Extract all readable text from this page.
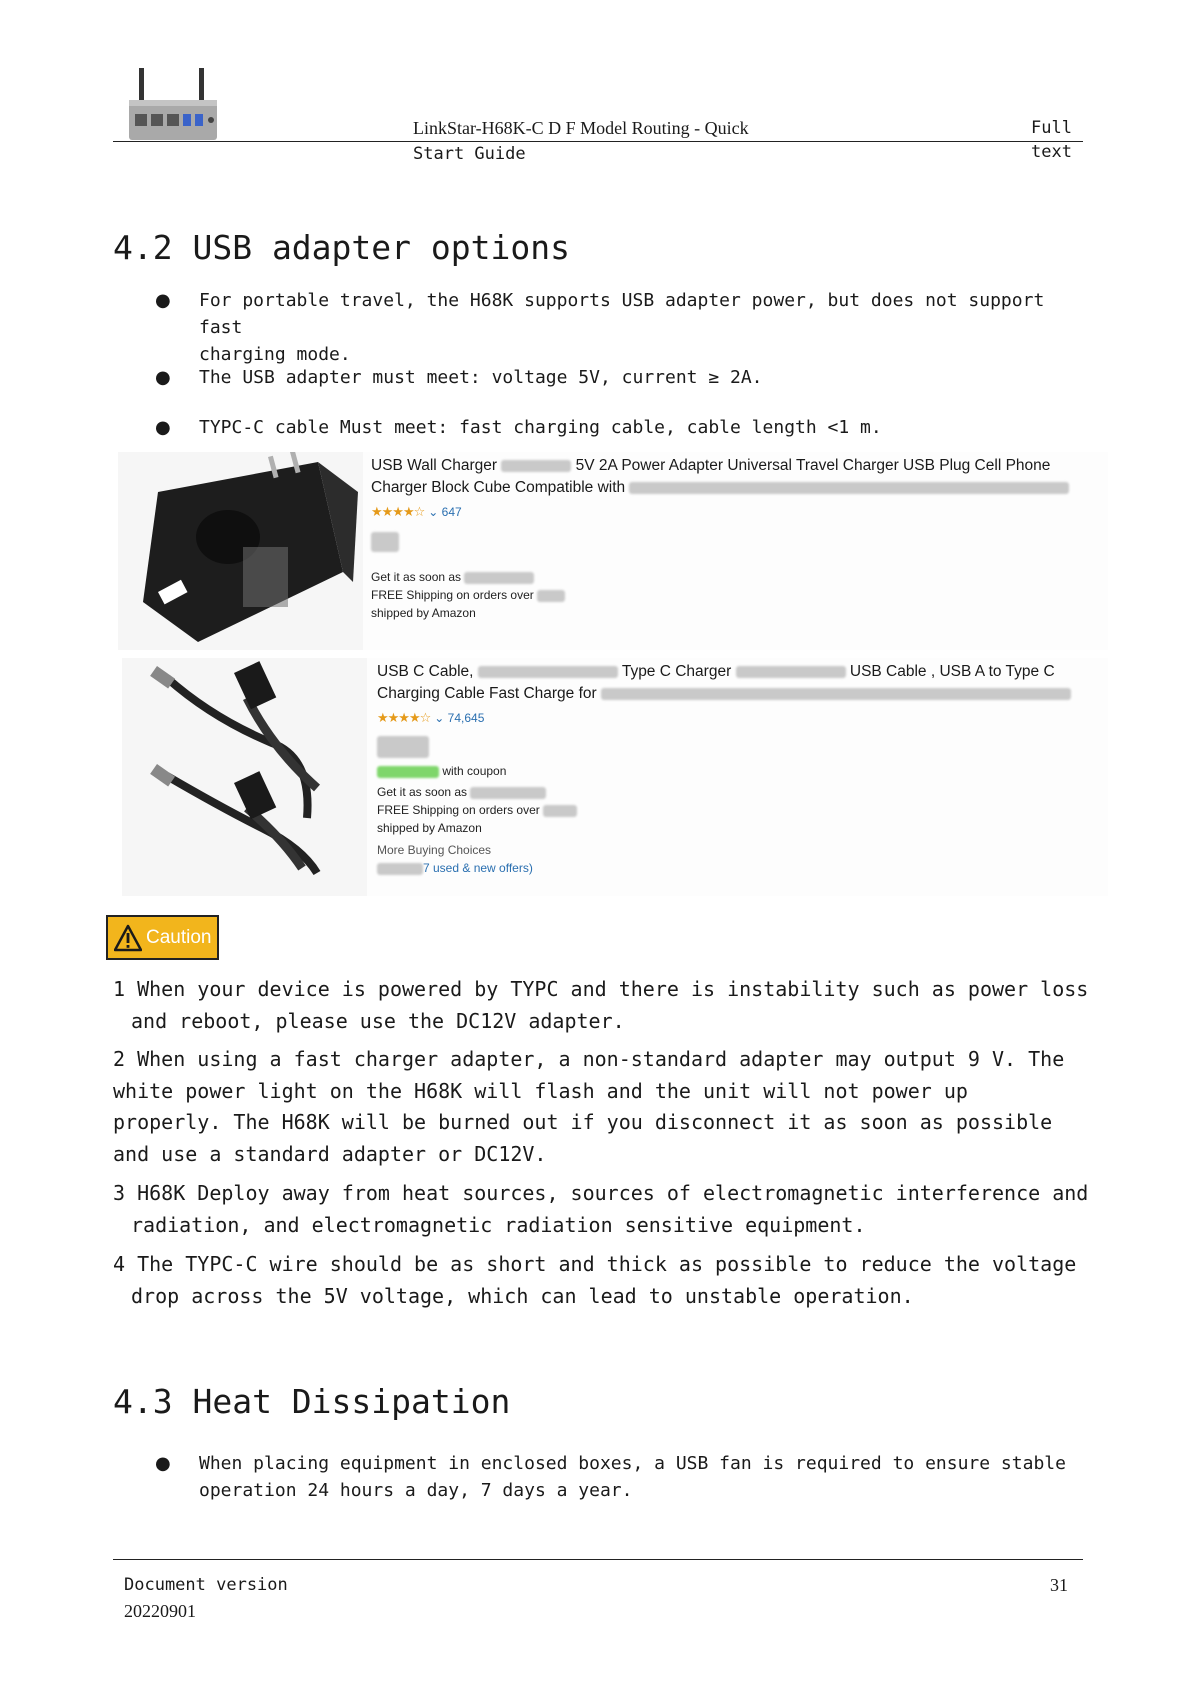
LinkStar-H68K-C D F Model Routing - Quick
Start Guide
Full
text
4.2 USB adapter options
● For portable travel, the H68K supports USB adapter power, but does not support fast
charging mode.
● The USB adapter must meet: voltage 5V, current ≥ 2A.
● TYPC-C cable Must meet: fast charging cable, cable length <1 m.
USB Wall Charger	5V 2A Power Adapter Universal Travel Charger USB Plug Cell Phone
Charger Block Cube Compatible with
★★★★☆ ⌄ 647
Get it as soon as
FREE Shipping on orders over
shipped by Amazon
USB C Cable,	Type C Charger	USB Cable , USB A to Type C
Charging Cable Fast Charge for
★★★★☆ ⌄ 74,645
with coupon
Get it as soon as
FREE Shipping on orders over
shipped by Amazon
More Buying Choices
7 used & new offers)
Caution
1 When your device is powered by TYPC and there is instability such as power loss
and reboot, please use the DC12V adapter.
2 When using a fast charger adapter, a non-standard adapter may output 9 V. The
white power light on the H68K will flash and the unit will not power up
properly. The H68K will be burned out if you disconnect it as soon as possible
and use a standard adapter or DC12V.
3 H68K Deploy away from heat sources, sources of electromagnetic interference and
radiation, and electromagnetic radiation sensitive equipment.
4 The TYPC-C wire should be as short and thick as possible to reduce the voltage
drop across the 5V voltage, which can lead to unstable operation.
4.3 Heat Dissipation
● When placing equipment in enclosed boxes, a USB fan is required to ensure stable
operation 24 hours a day, 7 days a year.
Document version
20220901
31
